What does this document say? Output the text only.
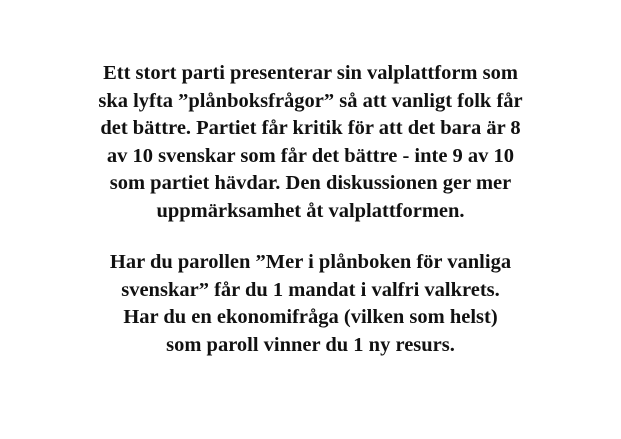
Ett stort parti presenterar sin valplattform som
ska lyfta ”plånboksfrågor” så att vanligt folk får
det bättre. Partiet får kritik för att det bara är 8
av 10 svenskar som får det bättre - inte 9 av 10
som partiet hävdar. Den diskussionen ger mer
uppmärksamhet åt valplattformen.

Har du parollen ”Mer i plånboken för vanliga
svenskar” får du 1 mandat i valfri valkrets.
Har du en ekonomifråga (vilken som helst)
som paroll vinner du 1 ny resurs.
